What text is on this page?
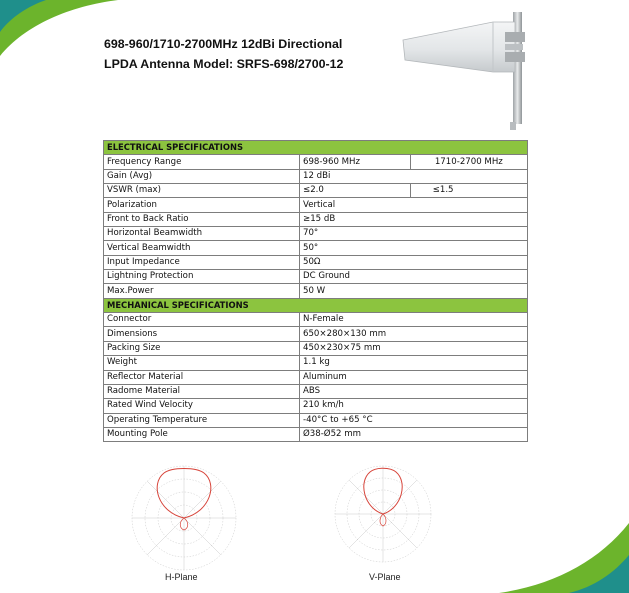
698-960/1710-2700MHz 12dBi Directional
LPDA Antenna Model: SRFS-698/2700-12
ELECTRICAL SPECIFICATIONS		
Frequency Range	698-960 MHz	1710-2700 MHz
Gain (Avg)	12 dBi	
VSWR (max)	≤2.0	≤1.5
Polarization	Vertical	
Front to Back Ratio	≥15 dB	
Horizontal Beamwidth	70°	
Vertical Beamwidth	50°	
Input Impedance	50Ω	
Lightning Protection	DC Ground	
Max.Power	50 W	
MECHANICAL SPECIFICATIONS		
Connector	N-Female	
Dimensions	650×280×130 mm	
Packing Size	450×230×75 mm	
Weight	1.1 kg	
Reflector Material	Aluminum	
Radome Material	ABS	
Rated Wind Velocity	210 km/h	
Operating Temperature	-40°C to +65 °C	
Mounting Pole	Ø38-Ø52 mm	
H-Plane	V-Plane
